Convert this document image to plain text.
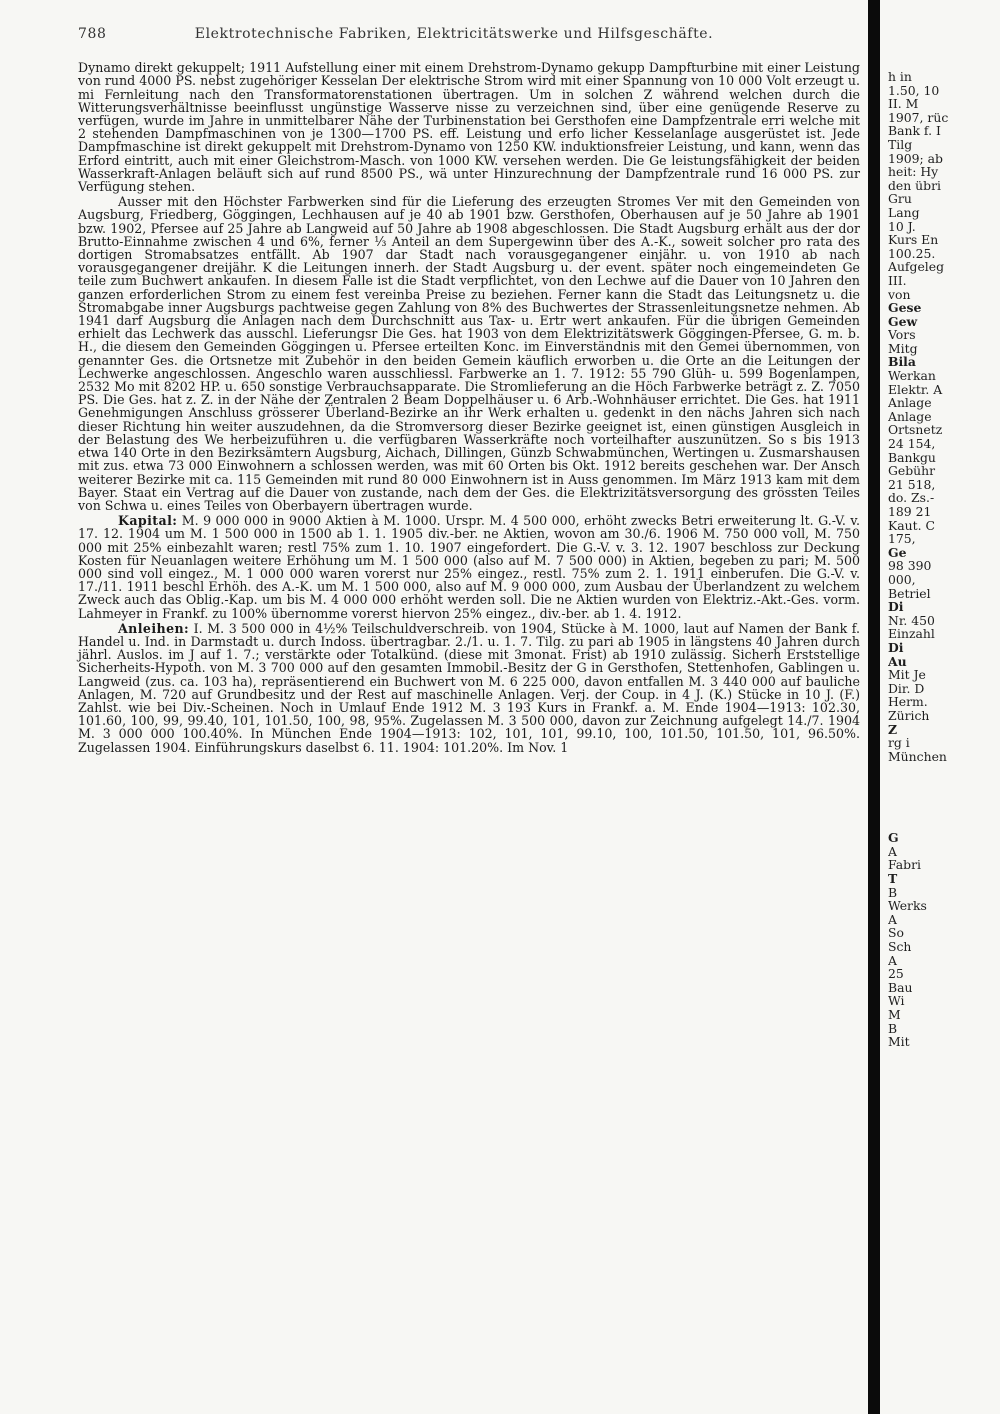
788	Elektrotechnische Fabriken, Elektricitätswerke und Hilfsgeschäfte.

Dynamo direkt gekuppelt; 1911 Aufstellung einer mit einem Drehstrom-Dynamo gekupp Dampfturbine mit einer Leistung von rund 4000 PS. nebst zugehöriger Kesselan Der elektrische Strom wird mit einer Spannung von 10 000 Volt erzeugt u. mi Fernleitung nach den Transformatorenstationen übertragen. Um in solchen Z während welchen durch die Witterungsverhältnisse beeinflusst ungünstige Wasserve nisse zu verzeichnen sind, über eine genügende Reserve zu verfügen, wurde im Jahre in unmittelbarer Nähe der Turbinenstation bei Gersthofen eine Dampfzentrale erri welche mit 2 stehenden Dampfmaschinen von je 1300—1700 PS. eff. Leistung und erfo licher Kesselanlage ausgerüstet ist. Jede Dampfmaschine ist direkt gekuppelt mit Drehstrom-Dynamo von 1250 KW. induktionsfreier Leistung, und kann, wenn das Erford eintritt, auch mit einer Gleichstrom-Masch. von 1000 KW. versehen werden. Die Ge leistungsfähigkeit der beiden Wasserkraft-Anlagen beläuft sich auf rund 8500 PS., wä unter Hinzurechnung der Dampfzentrale rund 16 000 PS. zur Verfügung stehen.

Ausser mit den Höchster Farbwerken sind für die Lieferung des erzeugten Stromes Ver mit den Gemeinden von Augsburg, Friedberg, Göggingen, Lechhausen auf je 40 ab 1901 bzw. Gersthofen, Oberhausen auf je 50 Jahre ab 1901 bzw. 1902, Pfersee auf 25 Jahre ab Langweid auf 50 Jahre ab 1908 abgeschlossen. Die Stadt Augsburg erhält aus der dor Brutto-Einnahme zwischen 4 und 6%, ferner ⅓ Anteil an dem Supergewinn über des A.-K., soweit solcher pro rata des dortigen Stromabsatzes entfällt. Ab 1907 dar Stadt nach vorausgegangener einjähr. u. von 1910 ab nach vorausgegangener dreijähr. K die Leitungen innerh. der Stadt Augsburg u. der event. später noch eingemeindeten Ge teile zum Buchwert ankaufen. In diesem Falle ist die Stadt verpflichtet, von den Lechwe auf die Dauer von 10 Jahren den ganzen erforderlichen Strom zu einem fest vereinba Preise zu beziehen. Ferner kann die Stadt das Leitungsnetz u. die Stromabgabe inner Augsburgs pachtweise gegen Zahlung von 8% des Buchwertes der Strassenleitungsnetze nehmen. Ab 1941 darf Augsburg die Anlagen nach dem Durchschnitt aus Tax- u. Ertr wert ankaufen. Für die übrigen Gemeinden erhielt das Lechwerk das ausschl. Lieferungsr Die Ges. hat 1903 von dem Elektrizitätswerk Göggingen-Pfersee, G. m. b. H., die diesem den Gemeinden Göggingen u. Pfersee erteilten Konc. im Einverständnis mit den Gemei übernommen, von genannter Ges. die Ortsnetze mit Zubehör in den beiden Gemein käuflich erworben u. die Orte an die Leitungen der Lechwerke angeschlossen. Angeschlo waren ausschliessl. Farbwerke an 1. 7. 1912: 55 790 Glüh- u. 599 Bogenlampen, 2532 Mo mit 8202 HP. u. 650 sonstige Verbrauchsapparate. Die Stromlieferung an die Höch Farbwerke beträgt z. Z. 7050 PS. Die Ges. hat z. Z. in der Nähe der Zentralen 2 Beam Doppelhäuser u. 6 Arb.-Wohnhäuser errichtet. Die Ges. hat 1911 Genehmigungen Anschluss grösserer Überland-Bezirke an ihr Werk erhalten u. gedenkt in den nächs Jahren sich nach dieser Richtung hin weiter auszudehnen, da die Stromversorg dieser Bezirke geeignet ist, einen günstigen Ausgleich in der Belastung des We herbeizuführen u. die verfügbaren Wasserkräfte noch vorteilhafter auszunützen. So s bis 1913 etwa 140 Orte in den Bezirksämtern Augsburg, Aichach, Dillingen, Günzb Schwabmünchen, Wertingen u. Zusmarshausen mit zus. etwa 73 000 Einwohnern a schlossen werden, was mit 60 Orten bis Okt. 1912 bereits geschehen war. Der Ansch weiterer Bezirke mit ca. 115 Gemeinden mit rund 80 000 Einwohnern ist in Auss genommen. Im März 1913 kam mit dem Bayer. Staat ein Vertrag auf die Dauer von zustande, nach dem der Ges. die Elektrizitätsversorgung des grössten Teiles von Schwa u. eines Teiles von Oberbayern übertragen wurde.

Kapital: M. 9 000 000 in 9000 Aktien à M. 1000. Urspr. M. 4 500 000, erhöht zwecks Betri erweiterung lt. G.-V. v. 17. 12. 1904 um M. 1 500 000 in 1500 ab 1. 1. 1905 div.-ber. ne Aktien, wovon am 30./6. 1906 M. 750 000 voll, M. 750 000 mit 25% einbezahlt waren; restl 75% zum 1. 10. 1907 eingefordert. Die G.-V. v. 3. 12. 1907 beschloss zur Deckung Kosten für Neuanlagen weitere Erhöhung um M. 1 500 000 (also auf M. 7 500 000) in Aktien, begeben zu pari; M. 500 000 sind voll eingez., M. 1 000 000 waren vorerst nur 25% eingez., restl. 75% zum 2. 1. 1911 einberufen. Die G.-V. v. 17./11. 1911 beschl Erhöh. des A.-K. um M. 1 500 000, also auf M. 9 000 000, zum Ausbau der Überlandzent zu welchem Zweck auch das Oblig.-Kap. um bis M. 4 000 000 erhöht werden soll. Die ne Aktien wurden von Elektriz.-Akt.-Ges. vorm. Lahmeyer in Frankf. zu 100% übernomme vorerst hiervon 25% eingez., div.-ber. ab 1. 4. 1912.

Anleihen: I. M. 3 500 000 in 4½% Teilschuldverschreib. von 1904, Stücke à M. 1000, laut auf Namen der Bank f. Handel u. Ind. in Darmstadt u. durch Indoss. übertragbar. 2./1. u. 1. 7. Tilg. zu pari ab 1905 in längstens 40 Jahren durch jährl. Auslos. im J auf 1. 7.; verstärkte oder Totalkünd. (diese mit 3monat. Frist) ab 1910 zulässig. Sicherh Erststellige Sicherheits-Hypoth. von M. 3 700 000 auf den gesamten Immobil.-Besitz der G in Gersthofen, Stettenhofen, Gablingen u. Langweid (zus. ca. 103 ha), repräsentierend ein Buchwert von M. 6 225 000, davon entfallen M. 3 440 000 auf bauliche Anlagen, M. 720 auf Grundbesitz und der Rest auf maschinelle Anlagen. Verj. der Coup. in 4 J. (K.) Stücke in 10 J. (F.) Zahlst. wie bei Div.-Scheinen. Noch in Umlauf Ende 1912 M. 3 193 Kurs in Frankf. a. M. Ende 1904—1913: 102.30, 101.60, 100, 99, 99.40, 101, 101.50, 100, 98, 95%. Zugelassen M. 3 500 000, davon zur Zeichnung aufgelegt 14./7. 1904 M. 3 000 000 100.40%. In München Ende 1904—1913: 102, 101, 101, 99.10, 100, 101.50, 101.50, 101, 96.50%. Zugelassen 1904. Einführungskurs daselbst 6. 11. 1904: 101.20%. Im Nov. 1

h in
1.50, 10
II. M
1907, rüc
Bank f. I
Tilg
1909; ab
heit: Hy
den übri
Gru
Lang
10 J.
Kurs En
100.25.
Aufgeleg
III.
von
Gese
Gew
Vors
Mitg
Bila
Werkan
Elektr. A
Anlage
Anlage
Ortsnetz
24 154,
Bankgu
Gebühr
21 518,
do. Zs.-
189 21
Kaut. C
175,
Ge
98 390
000,
Betriel
Di
Nr. 450
Einzahl
Di
Au
Mit Je
Dir. D
Herm.
Zürich
Z
rg i
München
G
A
Fabri
T
B
Werks
A
So
Sch
A
25
Bau
Wi
M
B
Mit
